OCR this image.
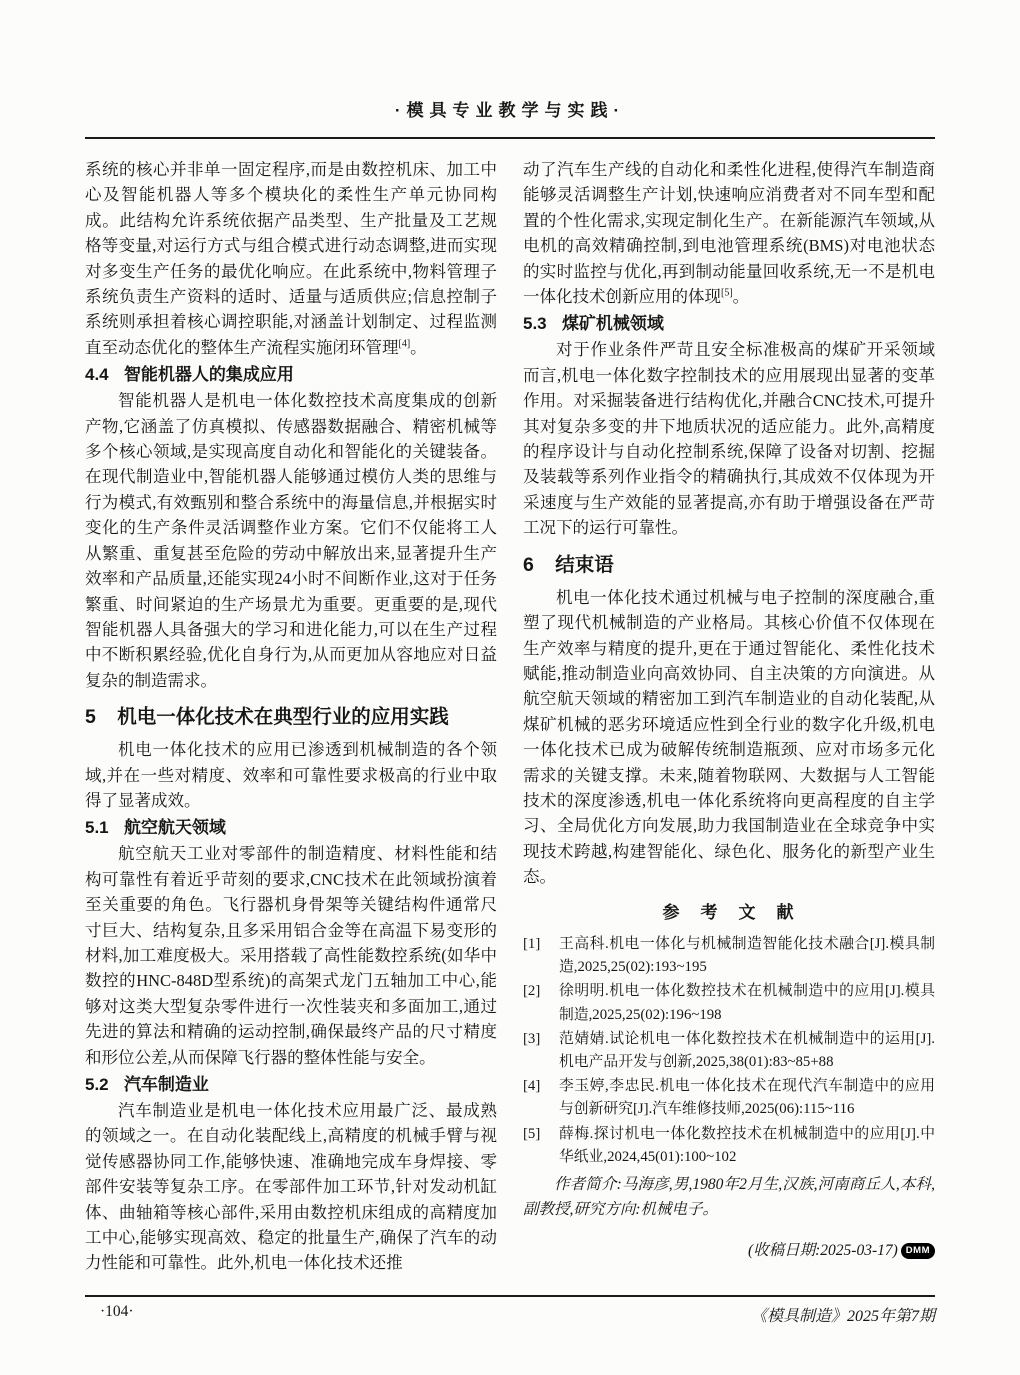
·模具专业教学与实践·

系统的核心并非单一固定程序,而是由数控机床、加工中心及智能机器人等多个模块化的柔性生产单元协同构成。此结构允许系统依据产品类型、生产批量及工艺规格等变量,对运行方式与组合模式进行动态调整,进而实现对多变生产任务的最优化响应。在此系统中,物料管理子系统负责生产资料的适时、适量与适质供应;信息控制子系统则承担着核心调控职能,对涵盖计划制定、过程监测直至动态优化的整体生产流程实施闭环管理[4]。

4.4 智能机器人的集成应用

智能机器人是机电一体化数控技术高度集成的创新产物,它涵盖了仿真模拟、传感器数据融合、精密机械等多个核心领域,是实现高度自动化和智能化的关键装备。在现代制造业中,智能机器人能够通过模仿人类的思维与行为模式,有效甄别和整合系统中的海量信息,并根据实时变化的生产条件灵活调整作业方案。它们不仅能将工人从繁重、重复甚至危险的劳动中解放出来,显著提升生产效率和产品质量,还能实现24小时不间断作业,这对于任务繁重、时间紧迫的生产场景尤为重要。更重要的是,现代智能机器人具备强大的学习和进化能力,可以在生产过程中不断积累经验,优化自身行为,从而更加从容地应对日益复杂的制造需求。

5 机电一体化技术在典型行业的应用实践

机电一体化技术的应用已渗透到机械制造的各个领域,并在一些对精度、效率和可靠性要求极高的行业中取得了显著成效。

5.1 航空航天领域

航空航天工业对零部件的制造精度、材料性能和结构可靠性有着近乎苛刻的要求,CNC技术在此领域扮演着至关重要的角色。飞行器机身骨架等关键结构件通常尺寸巨大、结构复杂,且多采用铝合金等在高温下易变形的材料,加工难度极大。采用搭载了高性能数控系统(如华中数控的HNC-848D型系统)的高架式龙门五轴加工中心,能够对这类大型复杂零件进行一次性装夹和多面加工,通过先进的算法和精确的运动控制,确保最终产品的尺寸精度和形位公差,从而保障飞行器的整体性能与安全。

5.2 汽车制造业

汽车制造业是机电一体化技术应用最广泛、最成熟的领域之一。在自动化装配线上,高精度的机械手臂与视觉传感器协同工作,能够快速、准确地完成车身焊接、零部件安装等复杂工序。在零部件加工环节,针对发动机缸体、曲轴箱等核心部件,采用由数控机床组成的高精度加工中心,能够实现高效、稳定的批量生产,确保了汽车的动力性能和可靠性。此外,机电一体化技术还推

动了汽车生产线的自动化和柔性化进程,使得汽车制造商能够灵活调整生产计划,快速响应消费者对不同车型和配置的个性化需求,实现定制化生产。在新能源汽车领域,从电机的高效精确控制,到电池管理系统(BMS)对电池状态的实时监控与优化,再到制动能量回收系统,无一不是机电一体化技术创新应用的体现[5]。

5.3 煤矿机械领域

对于作业条件严苛且安全标准极高的煤矿开采领域而言,机电一体化数字控制技术的应用展现出显著的变革作用。对采掘装备进行结构优化,并融合CNC技术,可提升其对复杂多变的井下地质状况的适应能力。此外,高精度的程序设计与自动化控制系统,保障了设备对切割、挖掘及装载等系列作业指令的精确执行,其成效不仅体现为开采速度与生产效能的显著提高,亦有助于增强设备在严苛工况下的运行可靠性。

6 结束语

机电一体化技术通过机械与电子控制的深度融合,重塑了现代机械制造的产业格局。其核心价值不仅体现在生产效率与精度的提升,更在于通过智能化、柔性化技术赋能,推动制造业向高效协同、自主决策的方向演进。从航空航天领域的精密加工到汽车制造业的自动化装配,从煤矿机械的恶劣环境适应性到全行业的数字化升级,机电一体化技术已成为破解传统制造瓶颈、应对市场多元化需求的关键支撑。未来,随着物联网、大数据与人工智能技术的深度渗透,机电一体化系统将向更高程度的自主学习、全局优化方向发展,助力我国制造业在全球竞争中实现技术跨越,构建智能化、绿色化、服务化的新型产业生态。

参　考　文　献
[1]	王高科.机电一体化与机械制造智能化技术融合[J].模具制造,2025,25(02):193~195
[2]	徐明明.机电一体化数控技术在机械制造中的应用[J].模具制造,2025,25(02):196~198
[3]	范婧婧.试论机电一体化数控技术在机械制造中的运用[J].机电产品开发与创新,2025,38(01):83~85+88
[4]	李玉婷,李忠民.机电一体化技术在现代汽车制造中的应用与创新研究[J].汽车维修技师,2025(06):115~116
[5]	薛梅.探讨机电一体化数控技术在机械制造中的应用[J].中华纸业,2024,45(01):100~102

作者简介:马海彦,男,1980年2月生,汉族,河南商丘人,本科,副教授,研究方向:机械电子。

(收稿日期:2025-03-17) DMM
·104·	《模具制造》2025年第7期
